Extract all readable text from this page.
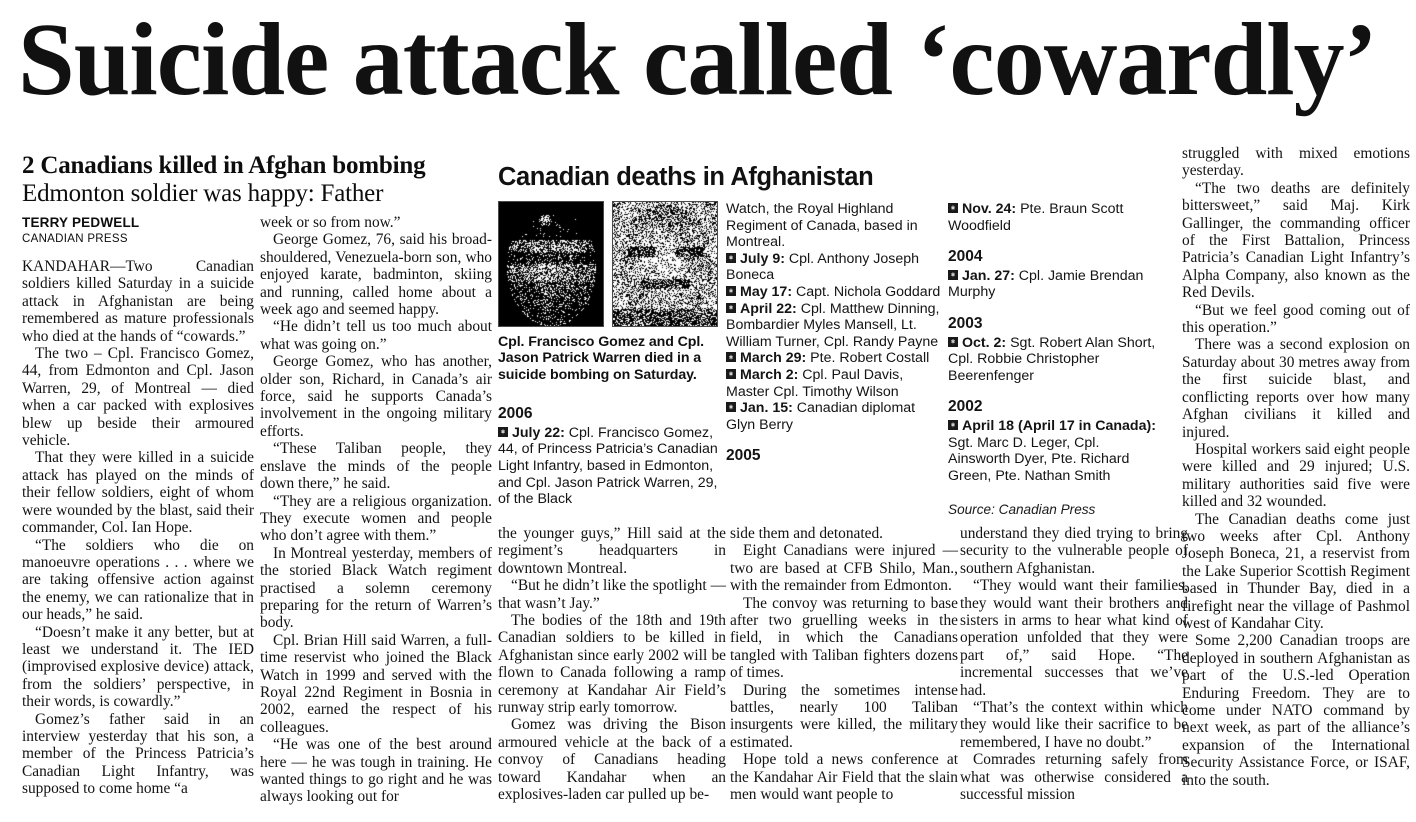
Suicide attack called ‘cowardly’
2 Canadians killed in Afghan bombing
Edmonton soldier was happy: Father
TERRY PEDWELL
CANADIAN PRESS

KANDAHAR—Two Canadian soldiers killed Saturday in a suicide attack in Afghanistan are being remembered as mature professionals who died at the hands of “cowards.”

The two – Cpl. Francisco Gomez, 44, from Edmonton and Cpl. Jason Warren, 29, of Montreal — died when a car packed with explosives blew up beside their armoured vehicle.

That they were killed in a suicide attack has played on the minds of their fellow soldiers, eight of whom were wounded by the blast, said their commander, Col. Ian Hope.

“The soldiers who die on manoeuvre operations . . . where we are taking offensive action against the enemy, we can rationalize that in our heads,” he said.

“Doesn’t make it any better, but at least we understand it. The IED (improvised explosive device) attack, from the soldiers’ perspective, in their words, is cowardly.”

Gomez’s father said in an interview yesterday that his son, a member of the Princess Patricia’s Canadian Light Infantry, was supposed to come home “a

week or so from now.”

George Gomez, 76, said his broad-shouldered, Venezuela-born son, who enjoyed karate, badminton, skiing and running, called home about a week ago and seemed happy.

“He didn’t tell us too much about what was going on.”

George Gomez, who has another, older son, Richard, in Canada’s air force, said he supports Canada’s involvement in the ongoing military efforts.

“These Taliban people, they enslave the minds of the people down there,” he said.

“They are a religious organization. They execute women and people who don’t agree with them.”

In Montreal yesterday, members of the storied Black Watch regiment practised a solemn ceremony preparing for the return of Warren’s body.

Cpl. Brian Hill said Warren, a full-time reservist who joined the Black Watch in 1999 and served with the Royal 22nd Regiment in Bosnia in 2002, earned the respect of his colleagues.

“He was one of the best around here — he was tough in training. He wanted things to go right and he was always looking out for

Canadian deaths in Afghanistan
Cpl. Francisco Gomez and Cpl. Jason Patrick Warren died in a suicide bombing on Saturday.
2006

July 22: Cpl. Francisco Gomez, 44, of Princess Patricia’s Canadian Light Infantry, based in Edmonton, and Cpl. Jason Patrick Warren, 29, of the Black

Watch, the Royal Highland Regiment of Canada, based in Montreal.

July 9: Cpl. Anthony Joseph Boneca

May 17: Capt. Nichola Goddard

April 22: Cpl. Matthew Dinning, Bombardier Myles Mansell, Lt. William Turner, Cpl. Randy Payne

March 29: Pte. Robert Costall

March 2: Cpl. Paul Davis, Master Cpl. Timothy Wilson

Jan. 15: Canadian diplomat Glyn Berry

2005

Nov. 24: Pte. Braun Scott Woodfield

2004

Jan. 27: Cpl. Jamie Brendan Murphy

2003

Oct. 2: Sgt. Robert Alan Short, Cpl. Robbie Christopher Beerenfenger

2002

April 18 (April 17 in Canada): Sgt. Marc D. Leger, Cpl. Ainsworth Dyer, Pte. Richard Green, Pte. Nathan Smith

Source: Canadian Press

the younger guys,” Hill said at the regiment’s headquarters in downtown Montreal.

“But he didn’t like the spotlight — that wasn’t Jay.”

The bodies of the 18th and 19th Canadian soldiers to be killed in Afghanistan since early 2002 will be flown to Canada following a ramp ceremony at Kandahar Air Field’s runway strip early tomorrow.

Gomez was driving the Bison armoured vehicle at the back of a convoy of Canadians heading toward Kandahar when an explosives-laden car pulled up be-

side them and detonated.

Eight Canadians were injured — two are based at CFB Shilo, Man., with the remainder from Edmonton.

The convoy was returning to base after two gruelling weeks in the field, in which the Canadians tangled with Taliban fighters dozens of times.

During the sometimes intense battles, nearly 100 Taliban insurgents were killed, the military estimated.

Hope told a news conference at the Kandahar Air Field that the slain men would want people to

understand they died trying to bring security to the vulnerable people of southern Afghanistan.

“They would want their families, they would want their brothers and sisters in arms to hear what kind of operation unfolded that they were part of,” said Hope. “The incremental successes that we’ve had.

“That’s the context within which they would like their sacrifice to be remembered, I have no doubt.”

Comrades returning safely from what was otherwise considered a successful mission

struggled with mixed emotions yesterday.

“The two deaths are definitely bittersweet,” said Maj. Kirk Gallinger, the commanding officer of the First Battalion, Princess Patricia’s Canadian Light Infantry’s Alpha Company, also known as the Red Devils.

“But we feel good coming out of this operation.”

There was a second explosion on Saturday about 30 metres away from the first suicide blast, and conflicting reports over how many Afghan civilians it killed and injured.

Hospital workers said eight people were killed and 29 injured; U.S. military authorities said five were killed and 32 wounded.

The Canadian deaths come just two weeks after Cpl. Anthony Joseph Boneca, 21, a reservist from the Lake Superior Scottish Regiment based in Thunder Bay, died in a firefight near the village of Pashmol west of Kandahar City.

Some 2,200 Canadian troops are deployed in southern Afghanistan as part of the U.S.-led Operation Enduring Freedom. They are to come under NATO command by next week, as part of the alliance’s expansion of the International Security Assistance Force, or ISAF, into the south.
